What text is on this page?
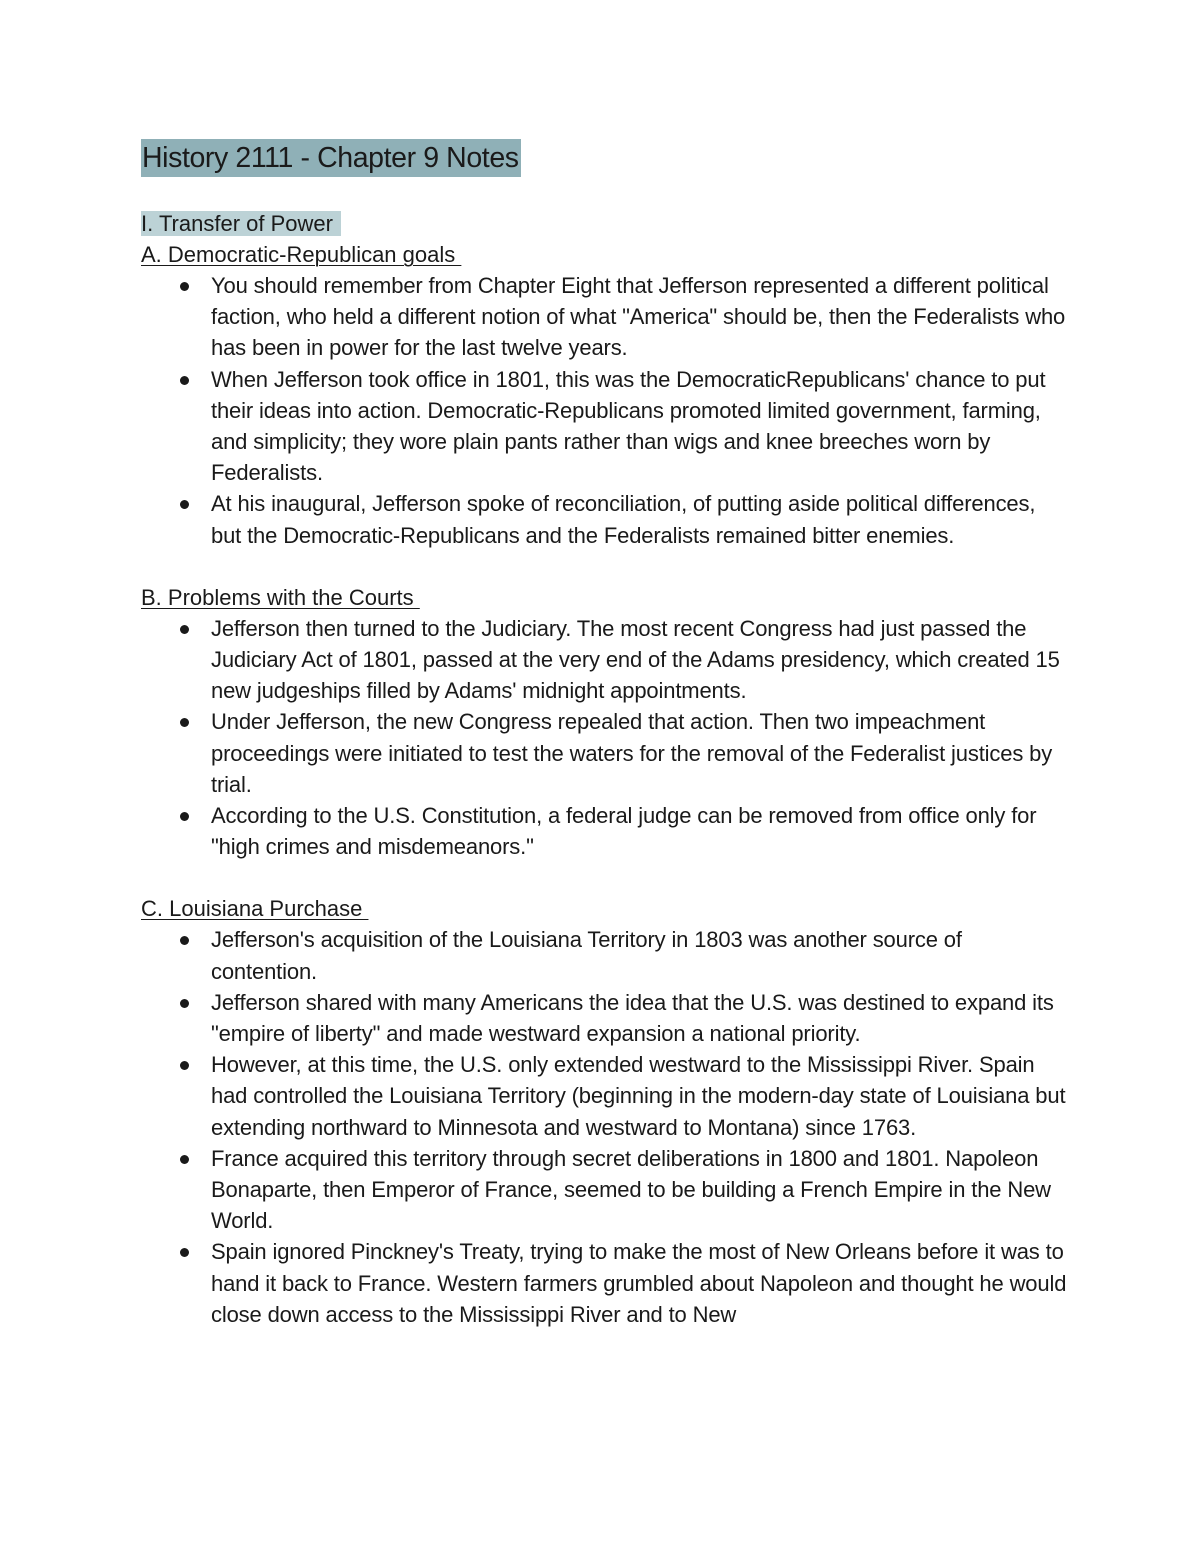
History 2111 - Chapter 9 Notes
I. Transfer of Power
A. Democratic-Republican goals
You should remember from Chapter Eight that Jefferson represented a different political faction, who held a different notion of what "America" should be, then the Federalists who has been in power for the last twelve years.
When Jefferson took office in 1801, this was the DemocraticRepublicans' chance to put their ideas into action. Democratic-Republicans promoted limited government, farming, and simplicity; they wore plain pants rather than wigs and knee breeches worn by Federalists.
At his inaugural, Jefferson spoke of reconciliation, of putting aside political differences, but the Democratic-Republicans and the Federalists remained bitter enemies.
B. Problems with the Courts
Jefferson then turned to the Judiciary. The most recent Congress had just passed the Judiciary Act of 1801, passed at the very end of the Adams presidency, which created 15 new judgeships filled by Adams' midnight appointments.
Under Jefferson, the new Congress repealed that action. Then two impeachment proceedings were initiated to test the waters for the removal of the Federalist justices by trial.
According to the U.S. Constitution, a federal judge can be removed from office only for "high crimes and misdemeanors."
C. Louisiana Purchase
Jefferson's acquisition of the Louisiana Territory in 1803 was another source of contention.
Jefferson shared with many Americans the idea that the U.S. was destined to expand its "empire of liberty" and made westward expansion a national priority.
However, at this time, the U.S. only extended westward to the Mississippi River. Spain had controlled the Louisiana Territory (beginning in the modern-day state of Louisiana but extending northward to Minnesota and westward to Montana) since 1763.
France acquired this territory through secret deliberations in 1800 and 1801. Napoleon Bonaparte, then Emperor of France, seemed to be building a French Empire in the New World.
Spain ignored Pinckney's Treaty, trying to make the most of New Orleans before it was to hand it back to France. Western farmers grumbled about Napoleon and thought he would close down access to the Mississippi River and to New
